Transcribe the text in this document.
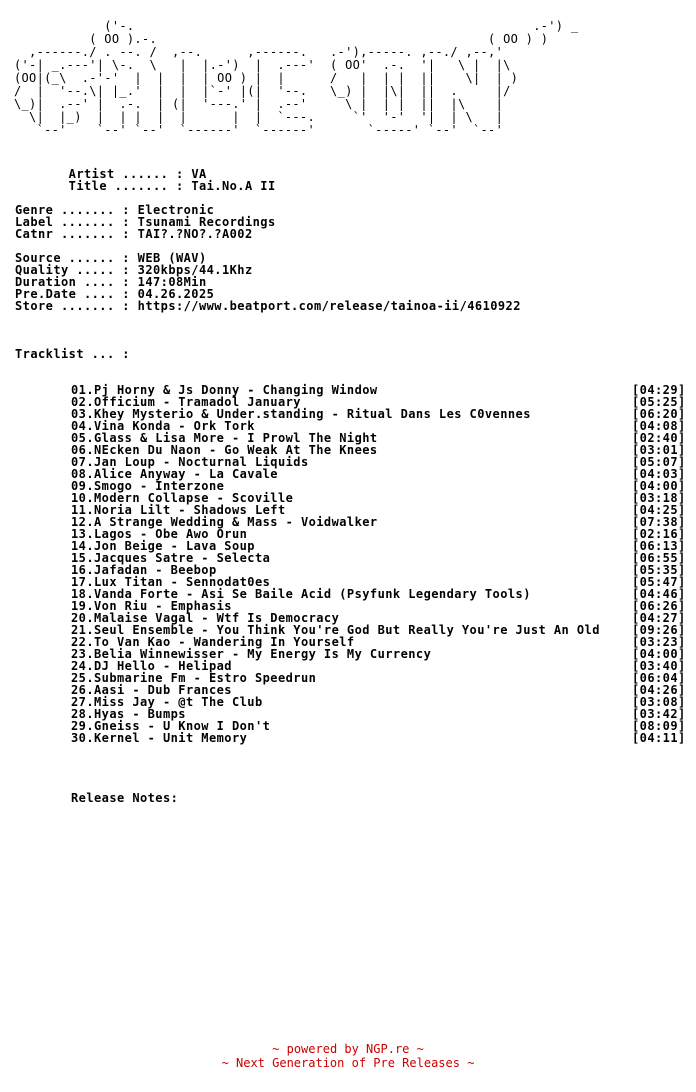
('-.                                                     .-') _
( OO ).-.                                            ( OO ) )
,------./ . --. /  ,--.      ,------.   .-'),-----. ,--./ ,--,'
('-| _.---'| \-.  \   |  |.-')  |  .---'  ( OO'  .-.  '|   \ |  |\
(OO|(_\  .-'-'  |  |  |  | OO ) |  |      /   |  | |  ||    \|  | )
/  |  '--.\| |_.'  |  |  |`-' |(|  '--.   \_) |  |\|  ||  .     |/
\_)|  .--' |  .-.  | (|  '---.' |  .--'     \ |  | |  ||  |\    |
\|  |_)  |  | |  |  |      |  |  `---.     `'  '-'  '|  | \   |
`--'    `--' `--'  `------'  `------'       `-----' `--'  `--'
Artist ...... : VA
Title ....... : Tai.No.A II
Genre ....... : Electronic
Label ....... : Tsunami Recordings
Catnr ....... : TAI?.?NO?.?A002
Source ...... : WEB (WAV)
Quality ..... : 320kbps/44.1Khz
Duration .... : 147:08Min
Pre.Date .... : 04.26.2025
Store ....... : https://www.beatport.com/release/tainoa-ii/4610922
Tracklist ... :
01.Pj Horny & Js Donny - Changing Window	[04:29]
02.Officium - Tramadol January	[05:25]
03.Khey Mysterio & Under.standing - Ritual Dans Les C0vennes	[06:20]
04.Vina Konda - Ork Tork	[04:08]
05.Glass & Lisa More - I Prowl The Night	[02:40]
06.NEcken Du Naon - Go Weak At The Knees	[03:01]
07.Jan Loup - Nocturnal Liquids	[05:07]
08.Alice Anyway - La Cavale	[04:03]
09.Smogo - Interzone	[04:00]
10.Modern Collapse - Scoville	[03:18]
11.Noria Lilt - Shadows Left	[04:25]
12.A Strange Wedding & Mass - Voidwalker	[07:38]
13.Lagos - Obe Awo Orun	[02:16]
14.Jon Beige - Lava Soup	[06:13]
15.Jacques Satre - Selecta	[06:55]
16.Jafadan - Beebop	[05:35]
17.Lux Titan - Sennodat0es	[05:47]
18.Vanda Forte - Asi Se Baile Acid (Psyfunk Legendary Tools)	[04:46]
19.Von Riu - Emphasis	[06:26]
20.Malaise Vagal - Wtf Is Democracy	[04:27]
21.Seul Ensemble - You Think You're God But Really You're Just An Old	[09:26]
22.To Van Kao - Wandering In Yourself	[03:23]
23.Belia Winnewisser - My Energy Is My Currency	[04:00]
24.DJ Hello - Helipad	[03:40]
25.Submarine Fm - Estro Speedrun	[06:04]
26.Aasi - Dub Frances	[04:26]
27.Miss Jay - @t The Club	[03:08]
28.Hyas - Bumps	[03:42]
29.Gneiss - U Know I Don't	[08:09]
30.Kernel - Unit Memory	[04:11]
Release Notes:
~ powered by NGP.re ~
~ Next Generation of Pre Releases ~
